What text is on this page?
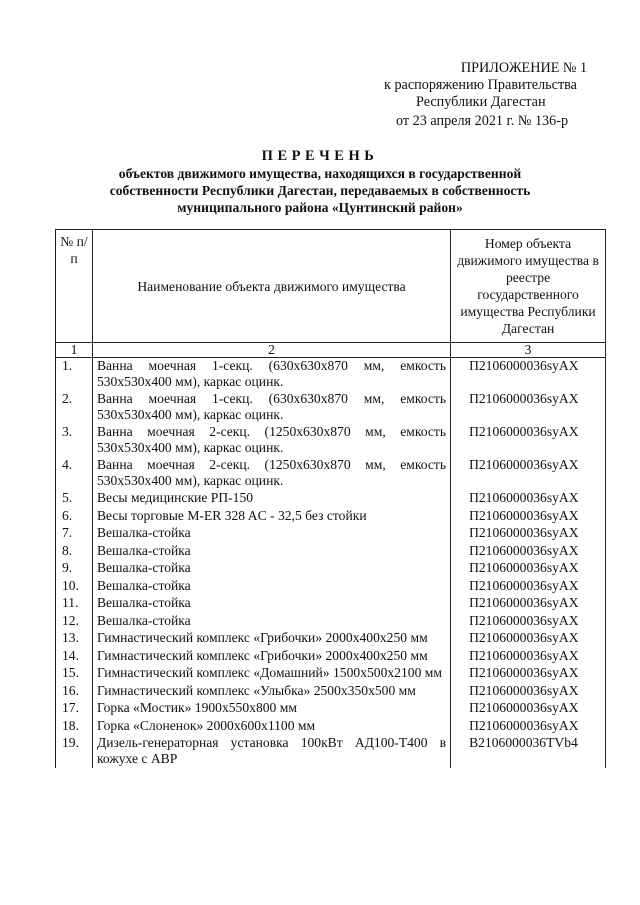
ПРИЛОЖЕНИЕ № 1
к распоряжению Правительства
Республики Дагестан
от 23 апреля 2021 г. № 136-р
ПЕРЕЧЕНЬ
объектов движимого имущества, находящихся в государственной
собственности Республики Дагестан, передаваемых в собственность
муниципального района «Цунтинский район»
№ п/п	Наименование объекта движимого имущества	Номер объекта движимого имущества в реестре государственного имущества Республики Дагестан
1	2	3
1.	Ванна моечная 1-секц. (630х630х870 мм, емкость 530х530х400 мм), каркас оцинк.	П2106000036syAX
2.	Ванна моечная 1-секц. (630х630х870 мм, емкость 530х530х400 мм), каркас оцинк.	П2106000036syAX
3.	Ванна моечная 2-секц. (1250х630х870 мм, емкость 530х530х400 мм), каркас оцинк.	П2106000036syAX
4.	Ванна моечная 2-секц. (1250х630х870 мм, емкость 530х530х400 мм), каркас оцинк.	П2106000036syAX
5.	Весы медицинские РП-150	П2106000036syAX
6.	Весы торговые M-ER 328 AC - 32,5 без стойки	П2106000036syAX
7.	Вешалка-стойка	П2106000036syAX
8.	Вешалка-стойка	П2106000036syAX
9.	Вешалка-стойка	П2106000036syAX
10.	Вешалка-стойка	П2106000036syAX
11.	Вешалка-стойка	П2106000036syAX
12.	Вешалка-стойка	П2106000036syAX
13.	Гимнастический комплекс «Грибочки» 2000х400х250 мм	П2106000036syAX
14.	Гимнастический комплекс «Грибочки» 2000х400х250 мм	П2106000036syAX
15.	Гимнастический комплекс «Домашний» 1500х500х2100 мм	П2106000036syAX
16.	Гимнастический комплекс «Улыбка» 2500х350х500 мм	П2106000036syAX
17.	Горка «Мостик» 1900х550х800 мм	П2106000036syAX
18.	Горка «Слоненок» 2000х600х1100 мм	П2106000036syAX
19.	Дизель-генераторная установка 100кВт АД100-Т400 в кожухе с АВР	В2106000036TVb4
